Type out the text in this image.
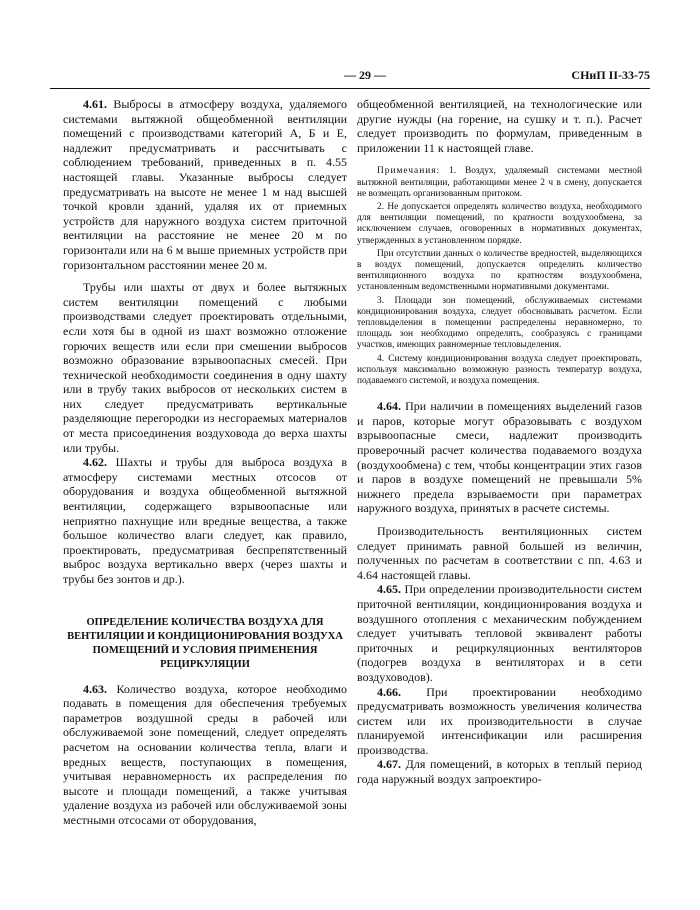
— 29 —	СНиП II-33-75

4.61. Выбросы в атмосферу воздуха, удаляемого системами вытяжной общеобменной вентиляции помещений с производствами категорий А, Б и Е, надлежит предусматривать и рассчитывать с соблюдением требований, приведенных в п. 4.55 настоящей главы. Указанные выбросы следует предусматривать на высоте не менее 1 м над высшей точкой кровли зданий, удаляя их от приемных устройств для наружного воздуха систем приточной вентиляции на расстояние не менее 20 м по горизонтали или на 6 м выше приемных устройств при горизонтальном расстоянии менее 20 м.

Трубы или шахты от двух и более вытяжных систем вентиляции помещений с любыми производствами следует проектировать отдельными, если хотя бы в одной из шахт возможно отложение горючих веществ или если при смешении выбросов возможно образование взрывоопасных смесей. При технической необходимости соединения в одну шахту или в трубу таких выбросов от нескольких систем в них следует предусматривать вертикальные разделяющие перегородки из несгораемых материалов от места присоединения воздуховода до верха шахты или трубы.

4.62. Шахты и трубы для выброса воздуха в атмосферу системами местных отсосов от оборудования и воздуха общеобменной вытяжной вентиляции, содержащего взрывоопасные или неприятно пахнущие или вредные вещества, а также большое количество влаги следует, как правило, проектировать, предусматривая беспрепятственный выброс воздуха вертикально вверх (через шахты и трубы без зонтов и др.).

ОПРЕДЕЛЕНИЕ КОЛИЧЕСТВА ВОЗДУХА ДЛЯ ВЕНТИЛЯЦИИ И КОНДИЦИОНИРОВАНИЯ ВОЗДУХА ПОМЕЩЕНИЙ И УСЛОВИЯ ПРИМЕНЕНИЯ РЕЦИРКУЛЯЦИИ

4.63. Количество воздуха, которое необходимо подавать в помещения для обеспечения требуемых параметров воздушной среды в рабочей или обслуживаемой зоне помещений, следует определять расчетом на основании количества тепла, влаги и вредных веществ, поступающих в помещения, учитывая неравномерность их распределения по высоте и площади помещений, а также учитывая удаление воздуха из рабочей или обслуживаемой зоны местными отсосами от оборудования,

общеобменной вентиляцией, на технологические или другие нужды (на горение, на сушку и т. п.). Расчет следует производить по формулам, приведенным в приложении 11 к настоящей главе.

Примечания: 1. Воздух, удаляемый системами местной вытяжной вентиляции, работающими менее 2 ч в смену, допускается не возмещать организованным притоком.

2. Не допускается определять количество воздуха, необходимого для вентиляции помещений, по кратности воздухообмена, за исключением случаев, оговоренных в нормативных документах, утвержденных в установленном порядке.

При отсутствии данных о количестве вредностей, выделяющихся в воздух помещений, допускается определять количество вентиляционного воздуха по кратностям воздухообмена, установленным ведомственными нормативными документами.

3. Площади зон помещений, обслуживаемых системами кондиционирования воздуха, следует обосновывать расчетом. Если тепловыделения в помещении распределены неравномерно, то площадь зон необходимо определять, сообразуясь с границами участков, имеющих равномерные тепловыделения.

4. Систему кондиционирования воздуха следует проектировать, используя максимально возможную разность температур воздуха, подаваемого системой, и воздуха помещения.

4.64. При наличии в помещениях выделений газов и паров, которые могут образовывать с воздухом взрывоопасные смеси, надлежит производить проверочный расчет количества подаваемого воздуха (воздухообмена) с тем, чтобы концентрации этих газов и паров в воздухе помещений не превышали 5% нижнего предела взрываемости при параметрах наружного воздуха, принятых в расчете системы.

Производительность вентиляционных систем следует принимать равной большей из величин, полученных по расчетам в соответствии с пп. 4.63 и 4.64 настоящей главы.

4.65. При определении производительности систем приточной вентиляции, кондиционирования воздуха и воздушного отопления с механическим побуждением следует учитывать тепловой эквивалент работы приточных и рециркуляционных вентиляторов (подогрев воздуха в вентиляторах и в сети воздуховодов).

4.66. При проектировании необходимо предусматривать возможность увеличения количества систем или их производительности в случае планируемой интенсификации или расширения производства.

4.67. Для помещений, в которых в теплый период года наружный воздух запроектиро-
